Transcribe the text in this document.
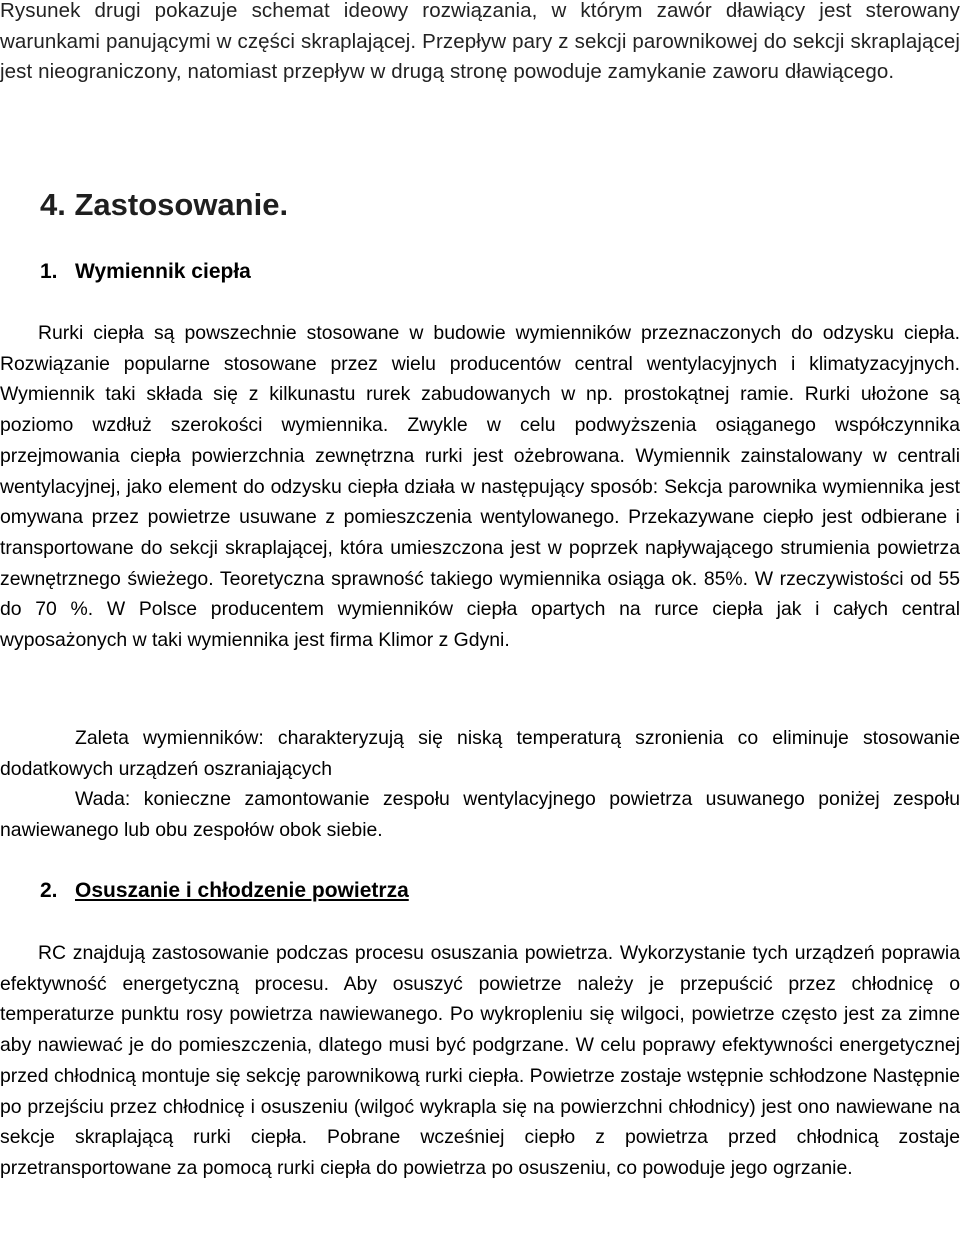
Rysunek drugi pokazuje schemat ideowy rozwiązania, w którym zawór dławiący jest sterowany warunkami panującymi w części skraplającej. Przepływ pary z sekcji parownikowej do sekcji skraplającej jest nieograniczony, natomiast przepływ w drugą stronę powoduje zamykanie zaworu dławiącego.

4. Zastosowanie.
1. Wymiennik ciepła

Rurki ciepła są powszechnie stosowane w budowie wymienników przeznaczonych do odzysku ciepła. Rozwiązanie popularne stosowane przez wielu producentów central wentylacyjnych i klimatyzacyjnych. Wymiennik taki składa się z kilkunastu rurek zabudowanych w np. prostokątnej ramie. Rurki ułożone są poziomo wzdłuż szerokości wymiennika. Zwykle w celu podwyższenia osiąganego współczynnika przejmowania ciepła powierzchnia zewnętrzna rurki jest ożebrowana. Wymiennik zainstalowany w centrali wentylacyjnej, jako element do odzysku ciepła działa w następujący sposób: Sekcja parownika wymiennika jest omywana przez powietrze usuwane z pomieszczenia wentylowanego. Przekazywane ciepło jest odbierane i transportowane do sekcji skraplającej, która umieszczona jest w poprzek napływającego strumienia powietrza zewnętrznego świeżego. Teoretyczna sprawność takiego wymiennika osiąga ok. 85%. W rzeczywistości od 55 do 70 %. W Polsce producentem wymienników ciepła opartych na rurce ciepła jak i całych central wyposażonych w taki wymiennika jest firma Klimor z Gdyni.

Zaleta wymienników: charakteryzują się niską temperaturą szronienia co eliminuje stosowanie dodatkowych urządzeń oszraniających

Wada: konieczne zamontowanie zespołu wentylacyjnego powietrza usuwanego poniżej zespołu nawiewanego lub obu zespołów obok siebie.

2. Osuszanie i chłodzenie powietrza

RC znajdują zastosowanie podczas procesu osuszania powietrza. Wykorzystanie tych urządzeń poprawia efektywność energetyczną procesu. Aby osuszyć powietrze należy je przepuścić przez chłodnicę o temperaturze punktu rosy powietrza nawiewanego. Po wykropleniu się wilgoci, powietrze często jest za zimne aby nawiewać je do pomieszczenia, dlatego musi być podgrzane. W celu poprawy efektywności energetycznej przed chłodnicą montuje się sekcję parownikową rurki ciepła. Powietrze zostaje wstępnie schłodzone Następnie po przejściu przez chłodnicę i osuszeniu (wilgoć wykrapla się na powierzchni chłodnicy) jest ono nawiewane na sekcje skraplającą rurki ciepła. Pobrane wcześniej ciepło z powietrza przed chłodnicą zostaje przetransportowane za pomocą rurki ciepła do powietrza po osuszeniu, co powoduje jego ogrzanie.
